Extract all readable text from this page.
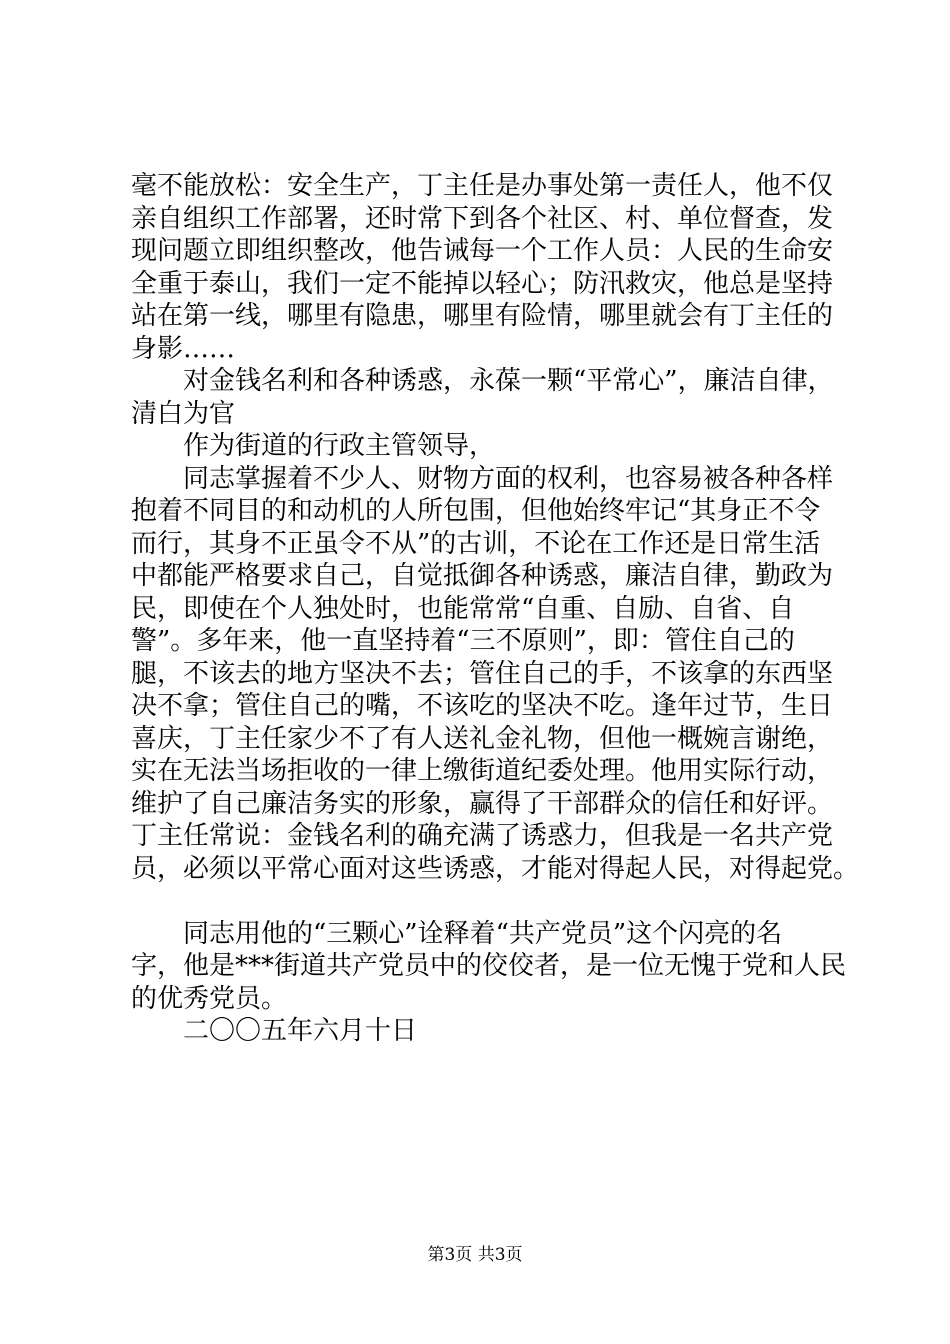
毫不能放松：安全生产，丁主任是办事处第一责任人，他不仅
亲自组织工作部署，还时常下到各个社区、村、单位督查，发
现问题立即组织整改，他告诫每一个工作人员：人民的生命安
全重于泰山，我们一定不能掉以轻心；防汛救灾，他总是坚持
站在第一线，哪里有隐患，哪里有险情，哪里就会有丁主任的
身影……
对金钱名利和各种诱惑，永葆一颗“平常心”，廉洁自律，
清白为官
作为街道的行政主管领导，
同志掌握着不少人、财物方面的权利，也容易被各种各样
抱着不同目的和动机的人所包围，但他始终牢记“其身正不令
而行，其身不正虽令不从”的古训，不论在工作还是日常生活
中都能严格要求自己，自觉抵御各种诱惑，廉洁自律，勤政为
民，即使在个人独处时，也能常常“自重、自励、自省、自
警”。多年来，他一直坚持着“三不原则”，即：管住自己的
腿，不该去的地方坚决不去；管住自己的手，不该拿的东西坚
决不拿；管住自己的嘴，不该吃的坚决不吃。逢年过节，生日
喜庆，丁主任家少不了有人送礼金礼物，但他一概婉言谢绝，
实在无法当场拒收的一律上缴街道纪委处理。他用实际行动，
维护了自己廉洁务实的形象，赢得了干部群众的信任和好评。
丁主任常说：金钱名利的确充满了诱惑力，但我是一名共产党
员，必须以平常心面对这些诱惑，才能对得起人民，对得起党。
同志用他的“三颗心”诠释着“共产党员”这个闪亮的名
字，他是***街道共产党员中的佼佼者，是一位无愧于党和人民
的优秀党员。
二〇〇五年六月十日
第3页 共3页
